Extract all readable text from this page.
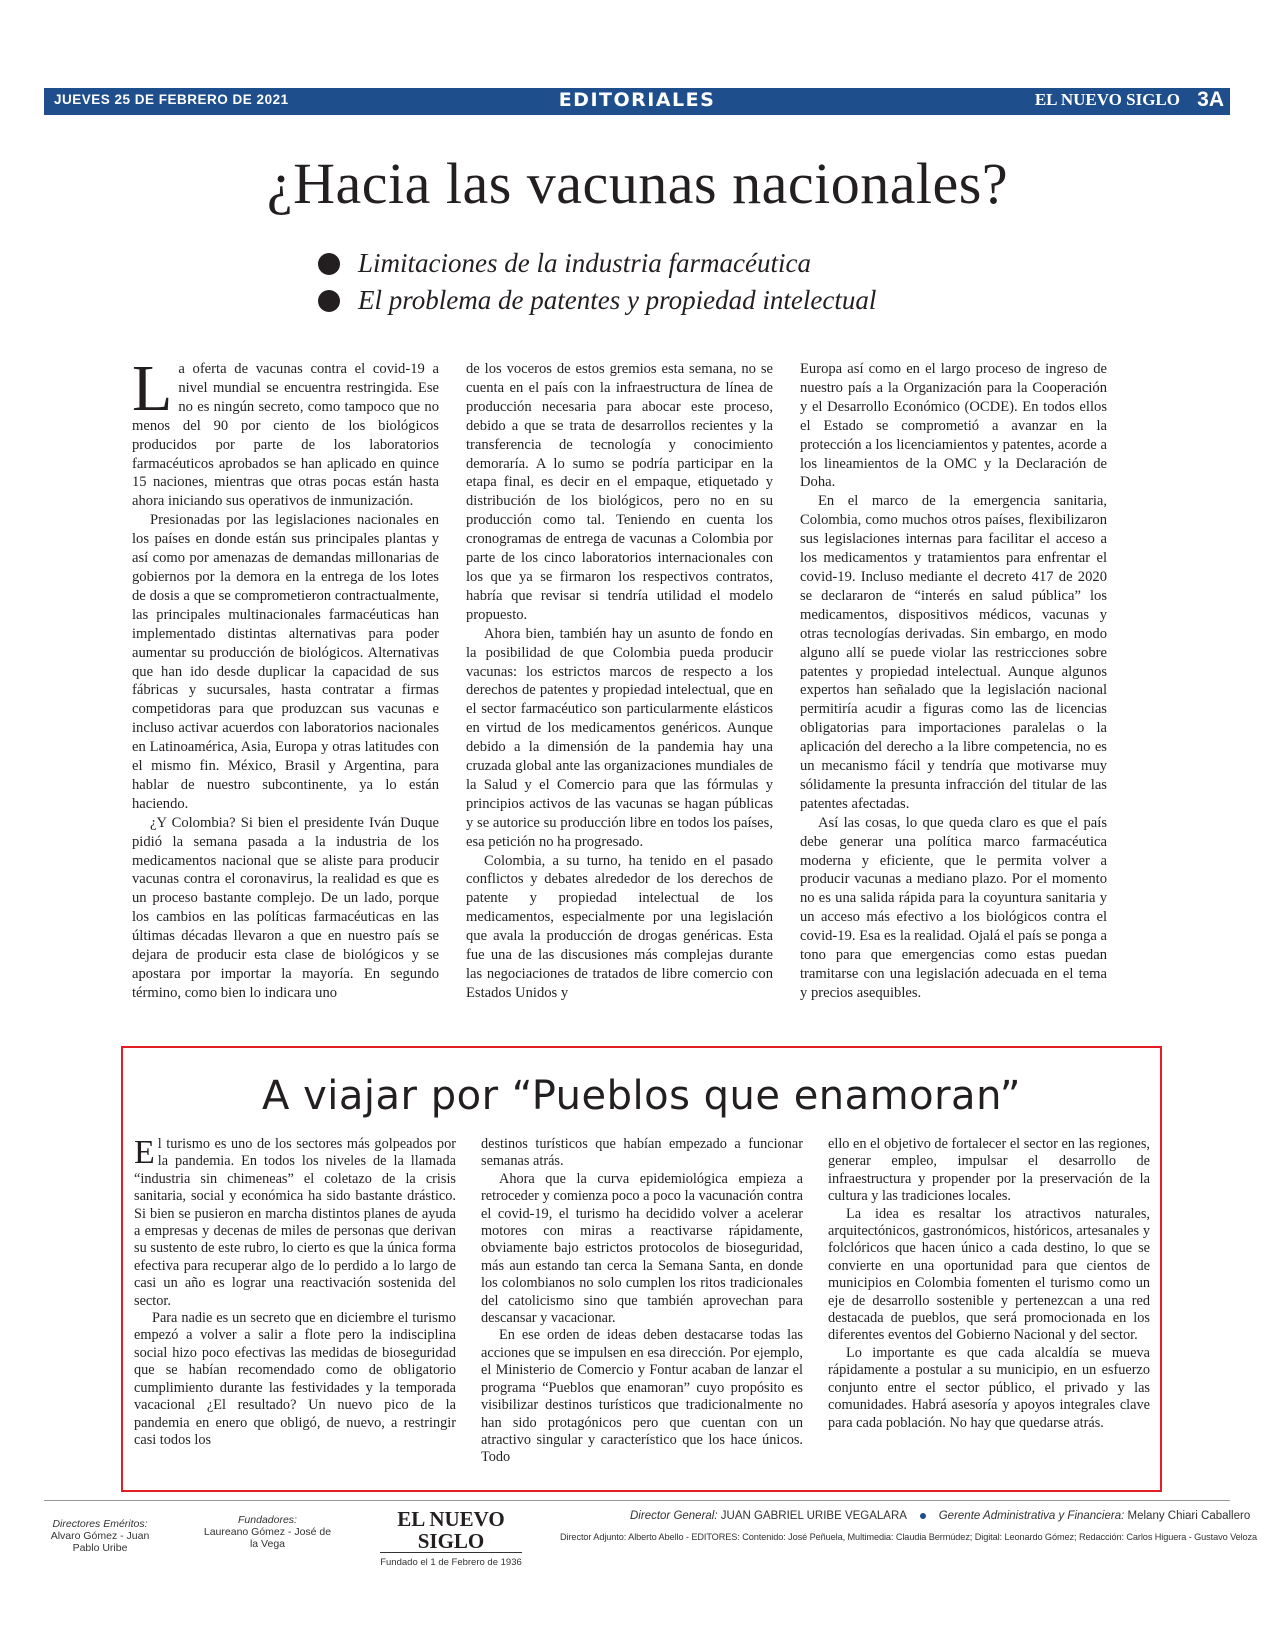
JUEVES 25 DE FEBRERO DE 2021	EDITORIALES	EL NUEVO SIGLO 3A
¿Hacia las vacunas nacionales?
Limitaciones de la industria farmacéutica
El problema de patentes y propiedad intelectual

La oferta de vacunas contra el covid-19 a nivel mundial se encuentra restringida. Ese no es ningún secreto, como tampoco que no menos del 90 por ciento de los biológicos producidos por parte de los laboratorios farmacéuticos aprobados se han aplicado en quince 15 naciones, mientras que otras pocas están hasta ahora iniciando sus operativos de inmunización.

Presionadas por las legislaciones nacionales en los países en donde están sus principales plantas y así como por amenazas de demandas millonarias de gobiernos por la demora en la entrega de los lotes de dosis a que se comprometieron contractualmente, las principales multinacionales farmacéuticas han implementado distintas alternativas para poder aumentar su producción de biológicos. Alternativas que han ido desde duplicar la capacidad de sus fábricas y sucursales, hasta contratar a firmas competidoras para que produzcan sus vacunas e incluso activar acuerdos con laboratorios nacionales en Latinoamérica, Asia, Europa y otras latitudes con el mismo fin. México, Brasil y Argentina, para hablar de nuestro subcontinente, ya lo están haciendo.

¿Y Colombia? Si bien el presidente Iván Duque pidió la semana pasada a la industria de los medicamentos nacional que se aliste para producir vacunas contra el coronavirus, la realidad es que es un proceso bastante complejo. De un lado, porque los cambios en las políticas farmacéuticas en las últimas décadas llevaron a que en nuestro país se dejara de producir esta clase de biológicos y se apostara por importar la mayoría. En segundo término, como bien lo indicara uno

de los voceros de estos gremios esta semana, no se cuenta en el país con la infraestructura de línea de producción necesaria para abocar este proceso, debido a que se trata de desarrollos recientes y la transferencia de tecnología y conocimiento demoraría. A lo sumo se podría participar en la etapa final, es decir en el empaque, etiquetado y distribución de los biológicos, pero no en su producción como tal. Teniendo en cuenta los cronogramas de entrega de vacunas a Colombia por parte de los cinco laboratorios internacionales con los que ya se firmaron los respectivos contratos, habría que revisar si tendría utilidad el modelo propuesto.

Ahora bien, también hay un asunto de fondo en la posibilidad de que Colombia pueda producir vacunas: los estrictos marcos de respecto a los derechos de patentes y propiedad intelectual, que en el sector farmacéutico son particularmente elásticos en virtud de los medicamentos genéricos. Aunque debido a la dimensión de la pandemia hay una cruzada global ante las organizaciones mundiales de la Salud y el Comercio para que las fórmulas y principios activos de las vacunas se hagan públicas y se autorice su producción libre en todos los países, esa petición no ha progresado.

Colombia, a su turno, ha tenido en el pasado conflictos y debates alrededor de los derechos de patente y propiedad intelectual de los medicamentos, especialmente por una legislación que avala la producción de drogas genéricas. Esta fue una de las discusiones más complejas durante las negociaciones de tratados de libre comercio con Estados Unidos y

Europa así como en el largo proceso de ingreso de nuestro país a la Organización para la Cooperación y el Desarrollo Económico (OCDE). En todos ellos el Estado se comprometió a avanzar en la protección a los licenciamientos y patentes, acorde a los lineamientos de la OMC y la Declaración de Doha.

En el marco de la emergencia sanitaria, Colombia, como muchos otros países, flexibilizaron sus legislaciones internas para facilitar el acceso a los medicamentos y tratamientos para enfrentar el covid-19. Incluso mediante el decreto 417 de 2020 se declararon de “interés en salud pública” los medicamentos, dispositivos médicos, vacunas y otras tecnologías derivadas. Sin embargo, en modo alguno allí se puede violar las restricciones sobre patentes y propiedad intelectual. Aunque algunos expertos han señalado que la legislación nacional permitiría acudir a figuras como las de licencias obligatorias para importaciones paralelas o la aplicación del derecho a la libre competencia, no es un mecanismo fácil y tendría que motivarse muy sólidamente la presunta infracción del titular de las patentes afectadas.

Así las cosas, lo que queda claro es que el país debe generar una política marco farmacéutica moderna y eficiente, que le permita volver a producir vacunas a mediano plazo. Por el momento no es una salida rápida para la coyuntura sanitaria y un acceso más efectivo a los biológicos contra el covid-19. Esa es la realidad. Ojalá el país se ponga a tono para que emergencias como estas puedan tramitarse con una legislación adecuada en el tema y precios asequibles.

A viajar por “Pueblos que enamoran”

El turismo es uno de los sectores más golpeados por la pandemia. En todos los niveles de la llamada “industria sin chimeneas” el coletazo de la crisis sanitaria, social y económica ha sido bastante drástico. Si bien se pusieron en marcha distintos planes de ayuda a empresas y decenas de miles de personas que derivan su sustento de este rubro, lo cierto es que la única forma efectiva para recuperar algo de lo perdido a lo largo de casi un año es lograr una reactivación sostenida del sector.

Para nadie es un secreto que en diciembre el turismo empezó a volver a salir a flote pero la indisciplina social hizo poco efectivas las medidas de bioseguridad que se habían recomendado como de obligatorio cumplimiento durante las festividades y la temporada vacacional ¿El resultado? Un nuevo pico de la pandemia en enero que obligó, de nuevo, a restringir casi todos los

destinos turísticos que habían empezado a funcionar semanas atrás.

Ahora que la curva epidemiológica empieza a retroceder y comienza poco a poco la vacunación contra el covid-19, el turismo ha decidido volver a acelerar motores con miras a reactivarse rápidamente, obviamente bajo estrictos protocolos de bioseguridad, más aun estando tan cerca la Semana Santa, en donde los colombianos no solo cumplen los ritos tradicionales del catolicismo sino que también aprovechan para descansar y vacacionar.

En ese orden de ideas deben destacarse todas las acciones que se impulsen en esa dirección. Por ejemplo, el Ministerio de Comercio y Fontur acaban de lanzar el programa “Pueblos que enamoran” cuyo propósito es visibilizar destinos turísticos que tradicionalmente no han sido protagónicos pero que cuentan con un atractivo singular y característico que los hace únicos. Todo

ello en el objetivo de fortalecer el sector en las regiones, generar empleo, impulsar el desarrollo de infraestructura y propender por la preservación de la cultura y las tradiciones locales.

La idea es resaltar los atractivos naturales, arquitectónicos, gastronómicos, históricos, artesanales y folclóricos que hacen único a cada destino, lo que se convierte en una oportunidad para que cientos de municipios en Colombia fomenten el turismo como un eje de desarrollo sostenible y pertenezcan a una red destacada de pueblos, que será promocionada en los diferentes eventos del Gobierno Nacional y del sector.

Lo importante es que cada alcaldía se mueva rápidamente a postular a su municipio, en un esfuerzo conjunto entre el sector público, el privado y las comunidades. Habrá asesoría y apoyos integrales clave para cada población. No hay que quedarse atrás.

Directores Eméritos:
Alvaro Gómez - Juan Pablo Uribe
Fundadores:
Laureano Gómez - José de la Vega
EL NUEVO SIGLO
Fundado el 1 de Febrero de 1936
Director General: JUAN GABRIEL URIBE VEGALARA	Gerente Administrativa y Financiera: Melany Chiari Caballero
Director Adjunto: Alberto Abello - EDITORES: Contenido: José Peñuela, Multimedia: Claudia Bermúdez; Digital: Leonardo Gómez; Redacción: Carlos Higuera - Gustavo Veloza
